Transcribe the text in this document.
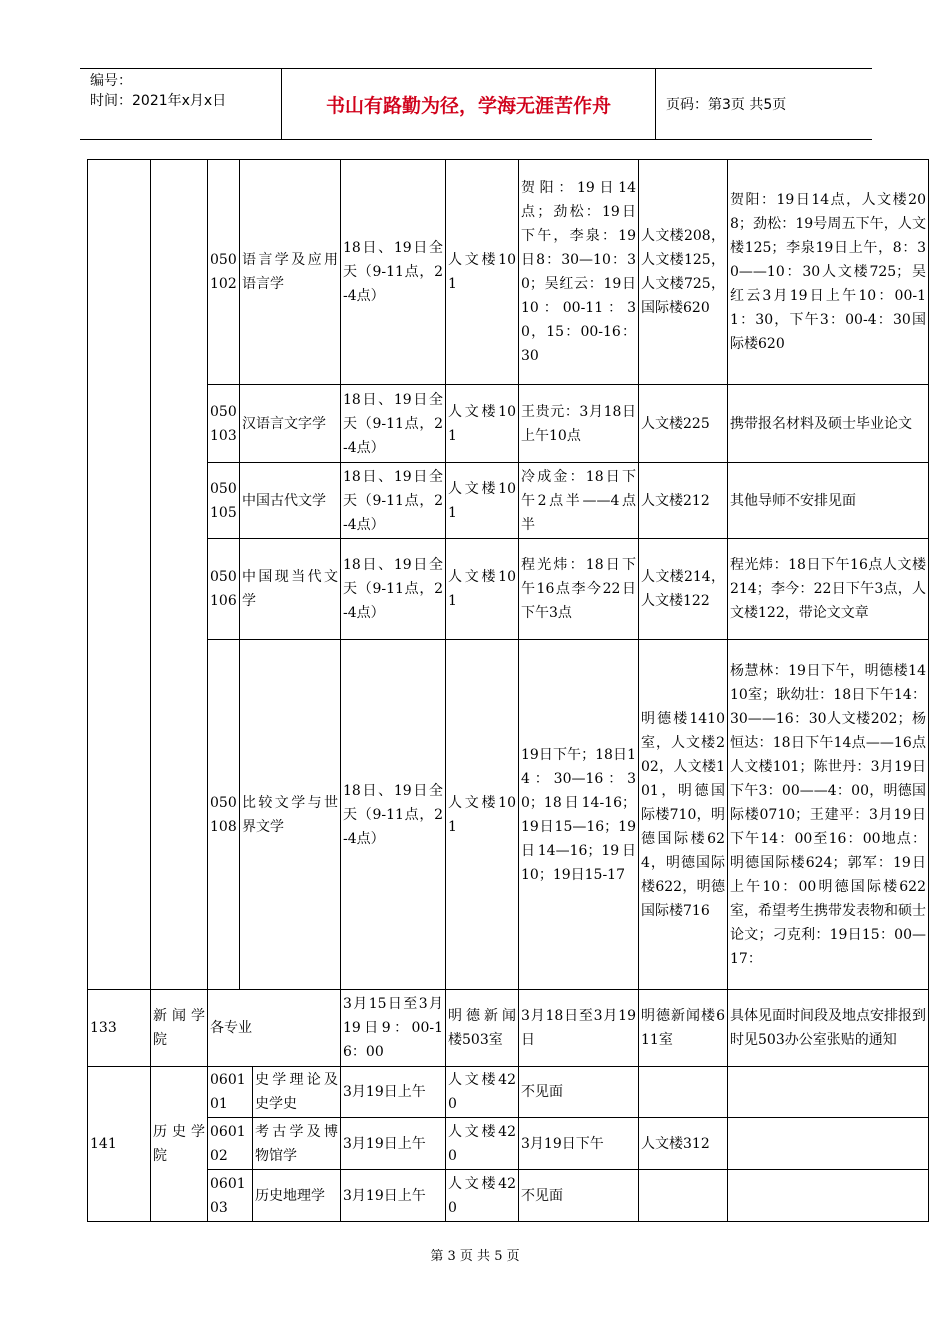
编号：
时间：2021年x月x日	书山有路勤为径，学海无涯苦作舟	页码：第3页 共5页
		050 102	语言学及应用语言学		18日、19日全天（9-11点，2-4点）	人文楼101	贺阳：19日14点；劲松：19日下午，李泉：19日8：30—10：30；吴红云：19日10：00-11：30，15：00-16：30	人文楼208，人文楼125，人文楼725，国际楼620	贺阳：19日14点，人文楼208；劲松：19号周五下午，人文楼125；李泉19日上午，8：30——10：30人文楼725；吴红云3月19日上午10：00-11：30，下午3：00-4：30国际楼620
		050 103	汉语言文字学		18日、19日全天（9-11点，2-4点）	人文楼101	王贵元：3月18日上午10点	人文楼225	携带报名材料及硕士毕业论文
		050 105	中国古代文学		18日、19日全天（9-11点，2-4点）	人文楼101	冷成金：18日下午2点半——4点半	人文楼212	其他导师不安排见面
		050 106	中国现当代文学		18日、19日全天（9-11点，2-4点）	人文楼101	程光炜：18日下午16点李今22日下午3点	人文楼214，人文楼122	程光炜：18日下午16点人文楼214；李今：22日下午3点，人文楼122，带论文文章
		050 108	比较文学与世界文学		18日、19日全天（9-11点，2-4点）	人文楼101	19日下午；18日14：30—16：30；18日14-16；19日15—16；19日14—16；19日10；19日15-17	明德楼1410室，人文楼202，人文楼101，明德国际楼710，明德国际楼624，明德国际楼622，明德国际楼716	杨慧林：19日下午，明德楼1410室；耿幼壮：18日下午14：30——16：30人文楼202；杨恒达：18日下午14点——16点人文楼101；陈世丹：3月19日下午3：00——4：00，明德国际楼0710；王建平：3月19日下午14：00至16：00地点：明德国际楼624；郭军：19日上午10：00明德国际楼622室，希望考生携带发表物和硕士论文；刁克利：19日15：00—17：
133	新闻学院	各专业			3月15日至3月19日9：00-16：00	明德新闻楼503室	3月18日至3月19日	明德新闻楼611室	具体见面时间段及地点安排报到时见503办公室张贴的通知
141	历史学院	060101		史学理论及史学史	3月19日上午	人文楼420	不见面		
		060102		考古学及博物馆学	3月19日上午	人文楼420	3月19日下午	人文楼312	
		060103		历史地理学	3月19日上午	人文楼420	不见面		
第 3 页 共 5 页
